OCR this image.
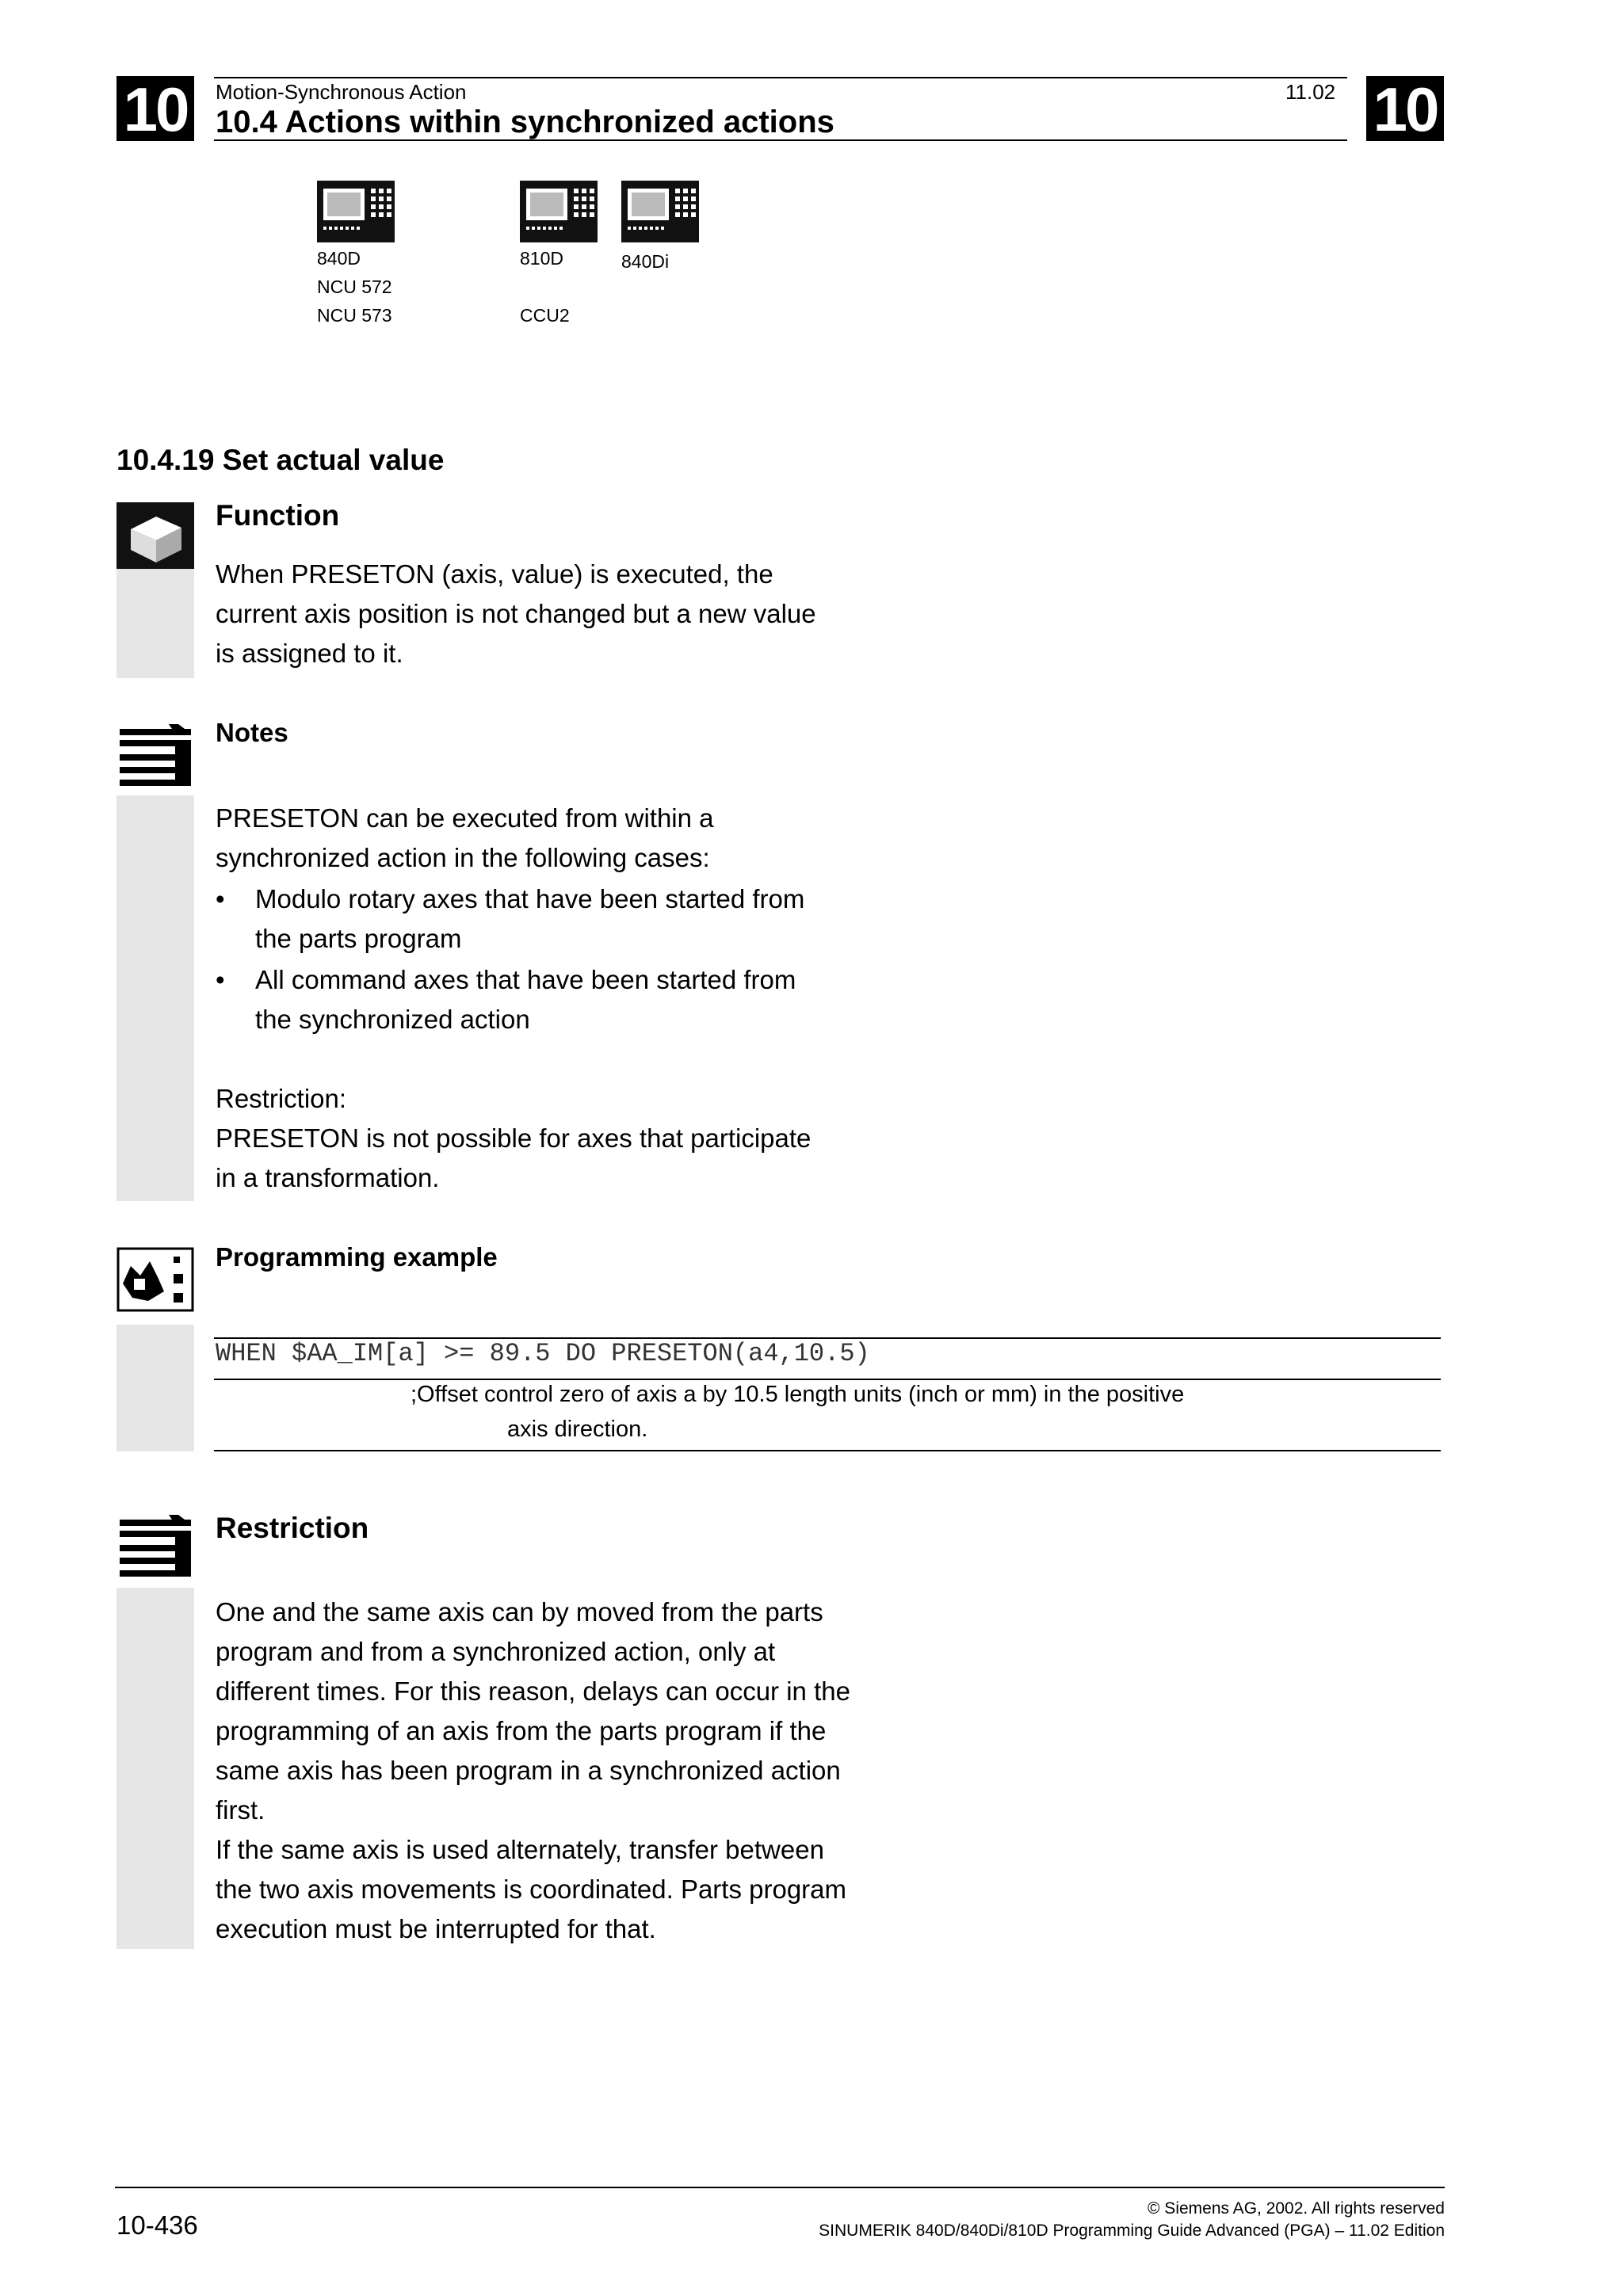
10	10
Motion-Synchronous Action	11.02
10.4 Actions within synchronized actions
840D
NCU 572
NCU 573
810D
CCU2
840Di
10.4.19 Set actual value
Function
When PRESETON (axis, value) is executed, the
current axis position is not changed but a new value
is assigned to it.
Notes
PRESETON can be executed from within a
synchronized action in the following cases:
• Modulo rotary axes that have been started from
the parts program
• All command axes that have been started from
the synchronized action
Restriction:
PRESETON is not possible for axes that participate
in a transformation.
Programming example
WHEN $AA_IM[a] >= 89.5 DO PRESETON(a4,10.5)
;Offset control zero of axis a by 10.5 length units (inch or mm) in the positive
axis direction.
Restriction
One and the same axis can by moved from the parts
program and from a synchronized action, only at
different times. For this reason, delays can occur in the
programming of an axis from the parts program if the
same axis has been program in a synchronized action
first.
If the same axis is used alternately, transfer between
the two axis movements is coordinated. Parts program
execution must be interrupted for that.
10-436
© Siemens AG, 2002. All rights reserved
SINUMERIK 840D/840Di/810D Programming Guide Advanced (PGA) – 11.02 Edition
